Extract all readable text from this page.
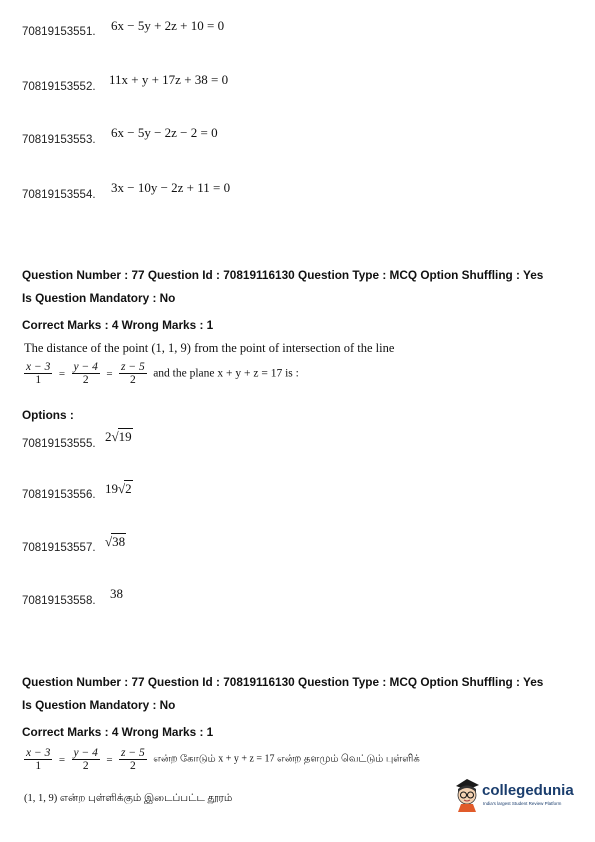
70819153551. 6x − 5y + 2z + 10 = 0
70819153552. 11x + y + 17z + 38 = 0
70819153553. 6x − 5y − 2z − 2 = 0
70819153554. 3x − 10y − 2z + 11 = 0
Question Number : 77 Question Id : 70819116130 Question Type : MCQ Option Shuffling : Yes
Is Question Mandatory : No
Correct Marks : 4 Wrong Marks : 1
The distance of the point (1, 1, 9) from the point of intersection of the line
$\frac{x - 3}{1} = \frac{y - 4}{2} = \frac{z - 5}{2}$ and the plane x + y + z = 17 is :
Options :
70819153555. 2√19
70819153556. 19√2
70819153557. √38
70819153558. 38
Question Number : 77 Question Id : 70819116130 Question Type : MCQ Option Shuffling : Yes
Is Question Mandatory : No
Correct Marks : 4 Wrong Marks : 1
$\frac{x - 3}{1} = \frac{y - 4}{2} = \frac{z - 5}{2}$ என்ற கோடும் x + y + z = 17 என்ற தளமும் வெட்டும் புள்ளிக்
(1, 1, 9) என்ற புள்ளிக்கும் இடைப்பட்ட தூரம்	collegedunia
India's largest Student Review Platform
